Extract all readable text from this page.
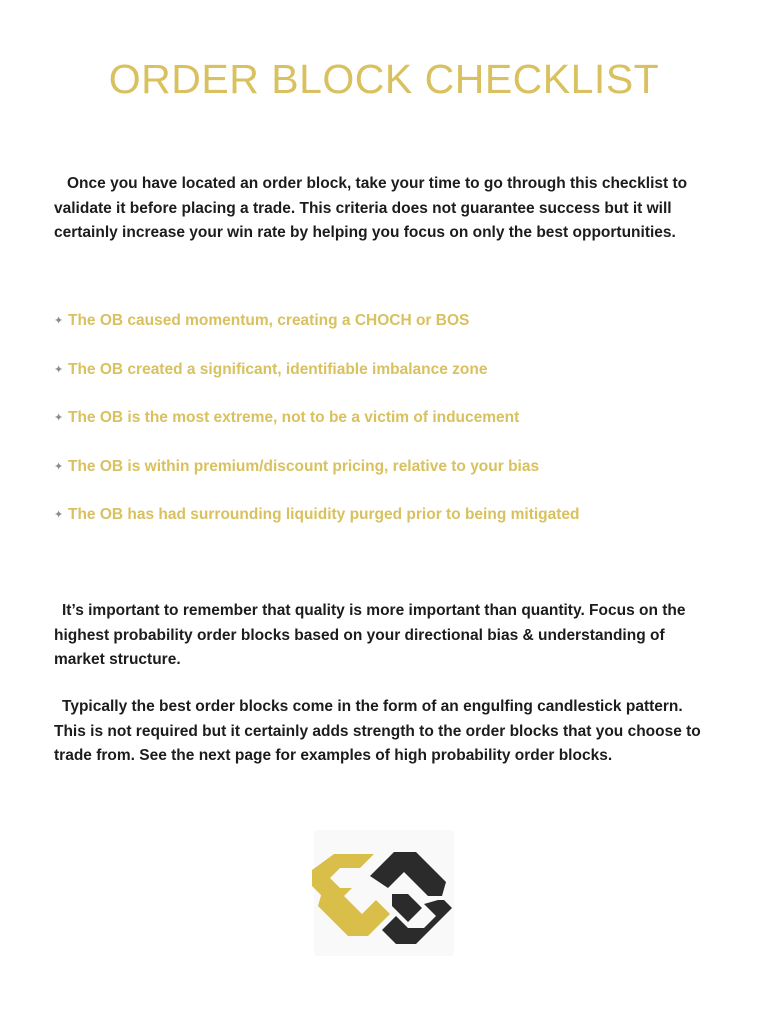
ORDER BLOCK CHECKLIST

Once you have located an order block, take your time to go through this checklist to validate it before placing a trade. This criteria does not guarantee success but it will certainly increase your win rate by helping you focus on only the best opportunities.

✦ The OB caused momentum, creating a CHOCH or BOS
✦ The OB created a significant, identifiable imbalance zone
✦ The OB is the most extreme, not to be a victim of inducement
✦ The OB is within premium/discount pricing, relative to your bias
✦ The OB has had surrounding liquidity purged prior to being mitigated

It’s important to remember that quality is more important than quantity. Focus on the highest probability order blocks based on your directional bias & understanding of market structure.

Typically the best order blocks come in the form of an engulfing candlestick pattern. This is not required but it certainly adds strength to the order blocks that you choose to trade from. See the next page for examples of high probability order blocks.
